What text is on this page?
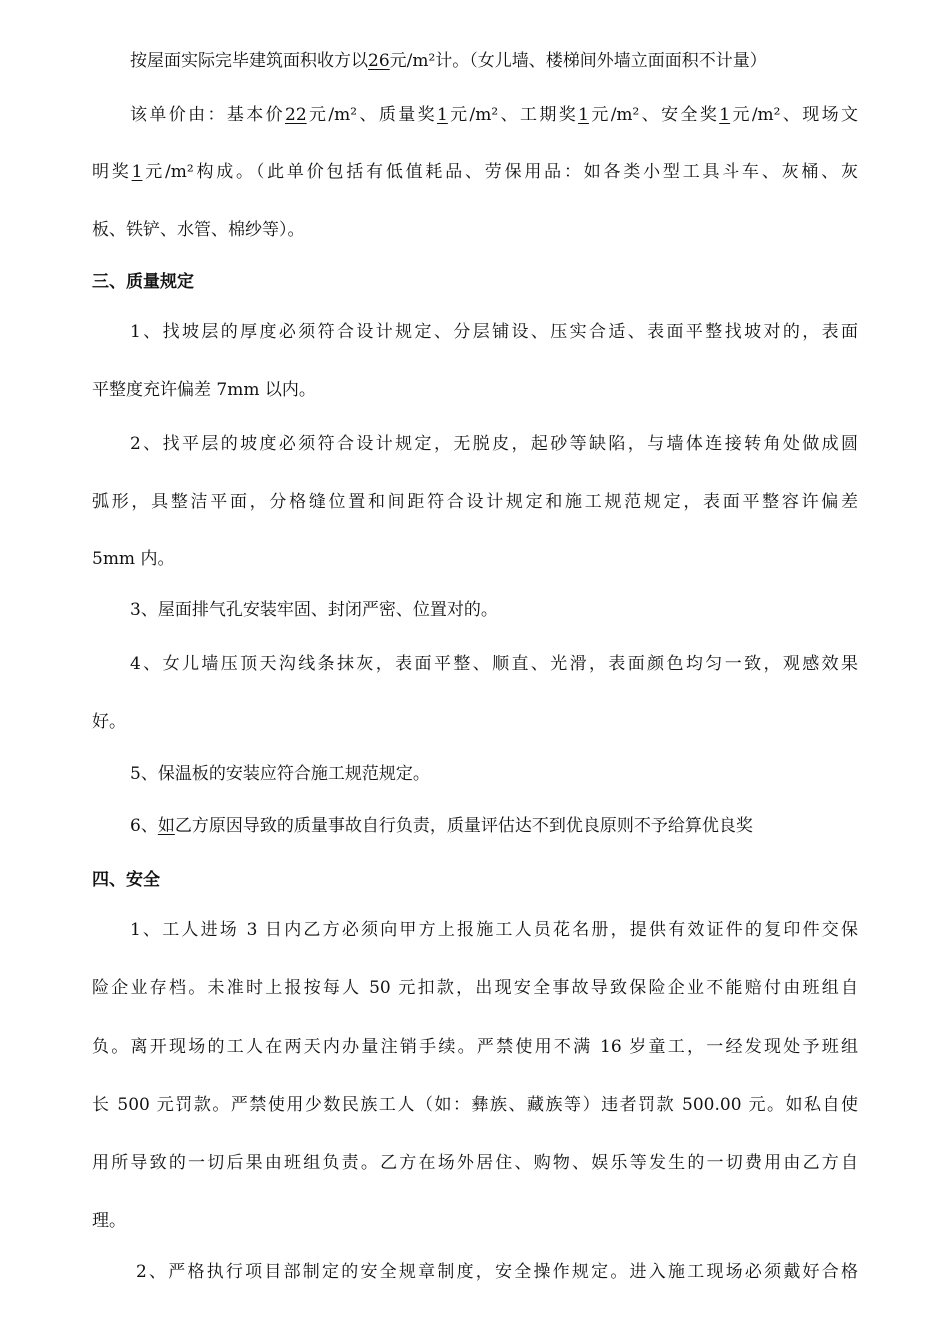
按屋面实际完毕建筑面积收方以26元/m²计。（女儿墙、楼梯间外墙立面面积不计量）
该单价由：基本价22元/m²、质量奖1元/m²、工期奖1元/m²、安全奖1元/m²、现场文
明奖1元/m²构成。（此单价包括有低值耗品、劳保用品：如各类小型工具斗车、灰桶、灰
板、铁铲、水管、棉纱等）。
三、质量规定
1、找坡层的厚度必须符合设计规定、分层铺设、压实合适、表面平整找坡对的，表面
平整度充许偏差 7mm 以内。
2、找平层的坡度必须符合设计规定，无脱皮，起砂等缺陷，与墙体连接转角处做成圆
弧形，具整洁平面，分格缝位置和间距符合设计规定和施工规范规定，表面平整容许偏差
5mm 内。
3、屋面排气孔安装牢固、封闭严密、位置对的。
4、女儿墙压顶天沟线条抹灰，表面平整、顺直、光滑，表面颜色均匀一致，观感效果
好。
5、保温板的安装应符合施工规范规定。
6、如乙方原因导致的质量事故自行负责，质量评估达不到优良原则不予给算优良奖
四、安全
1、工人进场 3 日内乙方必须向甲方上报施工人员花名册，提供有效证件的复印件交保
险企业存档。未准时上报按每人 50 元扣款，出现安全事故导致保险企业不能赔付由班组自
负。离开现场的工人在两天内办量注销手续。严禁使用不满 16 岁童工，一经发现处予班组
长 500 元罚款。严禁使用少数民族工人（如：彝族、藏族等）违者罚款 500.00 元。如私自使
用所导致的一切后果由班组负责。乙方在场外居住、购物、娱乐等发生的一切费用由乙方自
理。
2、严格执行项目部制定的安全规章制度，安全操作规定。进入施工现场必须戴好合格
